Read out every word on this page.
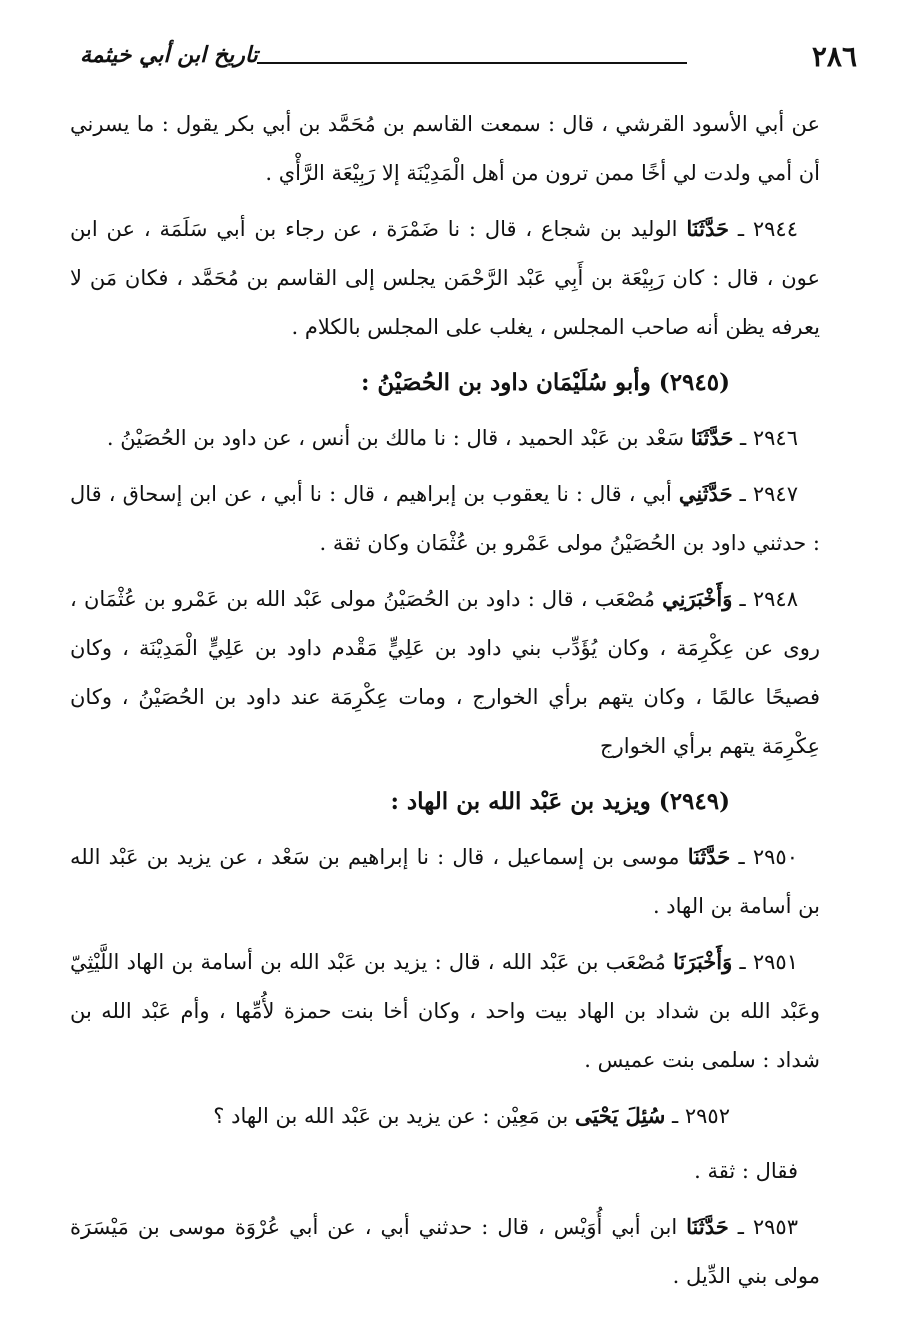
٢٨٦
تاريخ ابن أبي خيثمة

عن أبي الأسود القرشي ، قال : سمعت القاسم بن مُحَمَّد بن أبي بكر يقول : ما يسرني أن أمي ولدت لي أخًا ممن ترون من أهل الْمَدِيْنَة إلا رَبِيْعَة الرَّأْي .

٢٩٤٤ ـ حَدَّثَنَا الوليد بن شجاع ، قال : نا ضَمْرَة ، عن رجاء بن أبي سَلَمَة ، عن ابن عون ، قال : كان رَبِيْعَة بن أَبِي عَبْد الرَّحْمَن يجلس إلى القاسم بن مُحَمَّد ، فكان مَن لا يعرفه يظن أنه صاحب المجلس ، يغلب على المجلس بالكلام .

(٢٩٤٥) وأبو سُلَيْمَان داود بن الحُصَيْنُ :

٢٩٤٦ ـ حَدَّثَنَا سَعْد بن عَبْد الحميد ، قال : نا مالك بن أنس ، عن داود بن الحُصَيْنُ .

٢٩٤٧ ـ حَدَّثَنِي أبي ، قال : نا يعقوب بن إبراهيم ، قال : نا أبي ، عن ابن إسحاق ، قال : حدثني داود بن الحُصَيْنُ مولى عَمْرو بن عُثْمَان وكان ثقة .

٢٩٤٨ ـ وَأَخْبَرَنِي مُصْعَب ، قال : داود بن الحُصَيْنُ مولى عَبْد الله بن عَمْرو بن عُثْمَان ، روى عن عِكْرِمَة ، وكان يُؤَدِّب بني داود بن عَلِيٍّ مَقْدم داود بن عَلِيٍّ الْمَدِيْنَة ، وكان فصيحًا عالمًا ، وكان يتهم برأي الخوارج ، ومات عِكْرِمَة عند داود بن الحُصَيْنُ ، وكان عِكْرِمَة يتهم برأي الخوارج

(٢٩٤٩) ويزيد بن عَبْد الله بن الهاد :

٢٩٥٠ ـ حَدَّثَنَا موسى بن إسماعيل ، قال : نا إبراهيم بن سَعْد ، عن يزيد بن عَبْد الله بن أسامة بن الهاد .

٢٩٥١ ـ وَأَخْبَرَنَا مُصْعَب بن عَبْد الله ، قال : يزيد بن عَبْد الله بن أسامة بن الهاد اللَّيْثِيّ وعَبْد الله بن شداد بن الهاد بيت واحد ، وكان أخا بنت حمزة لأُمِّها ، وأم عَبْد الله بن شداد : سلمى بنت عميس .

٢٩٥٢ ـ سُئِلَ يَحْيَى بن مَعِيْن : عن يزيد بن عَبْد الله بن الهاد ؟

فقال : ثقة .

٢٩٥٣ ـ حَدَّثَنَا ابن أبي أُوَيْس ، قال : حدثني أبي ، عن أبي عُرْوَة موسى بن مَيْسَرَة مولى بني الدِّيل .
